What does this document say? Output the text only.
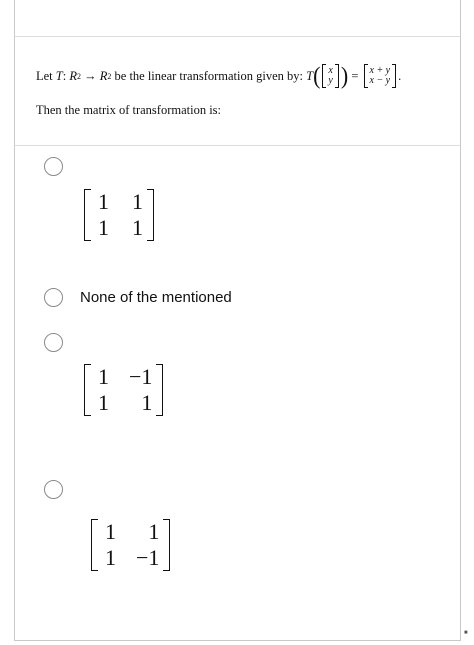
Let
T :
R 2
→
R 2
be the linear transformation given by:
T ( x
y )
=
x + y
x − y .
Then the matrix of transformation is:
1 1
1 1
None of the mentioned
1 −1
1	1
1	1
1 −1
■
